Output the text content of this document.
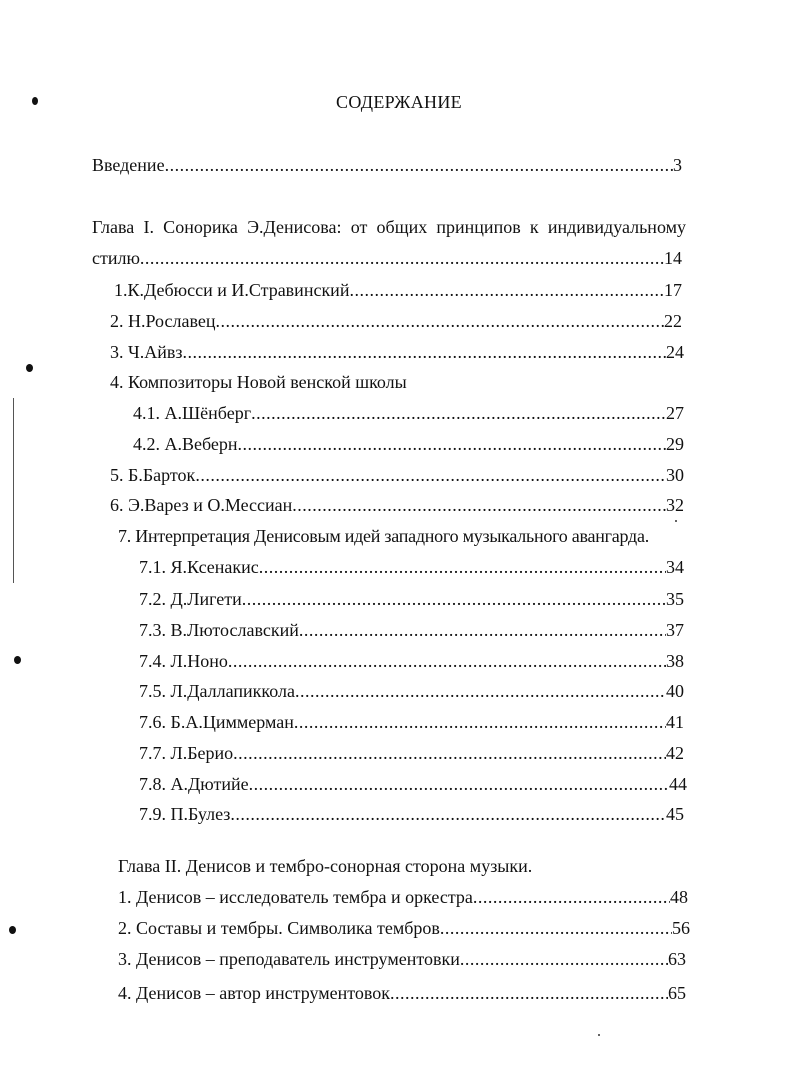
СОДЕРЖАНИЕ
Введение .....	3
Глава I. Сонорика Э.Денисова: от общих принципов к индивидуальному
стилю .....	14
1.К.Дебюсси и И.Стравинский .....	17
2. Н.Рославец .....	22
3. Ч.Айвз .....	24
4. Композиторы Новой венской школы
4.1. А.Шёнберг .....	27
4.2. А.Веберн .....	29
5. Б.Барток .....	30
6. Э.Варез и О.Мессиан .....	32
7. Интерпретация Денисовым идей западного музыкального авангарда.
7.1. Я.Ксенакис .....	34
7.2. Д.Лигети .....	35
7.3. В.Лютославский .....	37
7.4. Л.Ноно .....	38
7.5. Л.Даллапиккола .....	40
7.6. Б.А.Циммерман .....	41
7.7. Л.Берио .....	42
7.8. А.Дютийе .....	44
7.9. П.Булез .....	45
Глава II. Денисов и тембро-сонорная сторона музыки.
1. Денисов – исследователь тембра и оркестра .....	48
2. Составы и тембры. Символика тембров .....	56
3. Денисов – преподаватель инструментовки .....	63
4. Денисов – автор инструментовок .....	65
